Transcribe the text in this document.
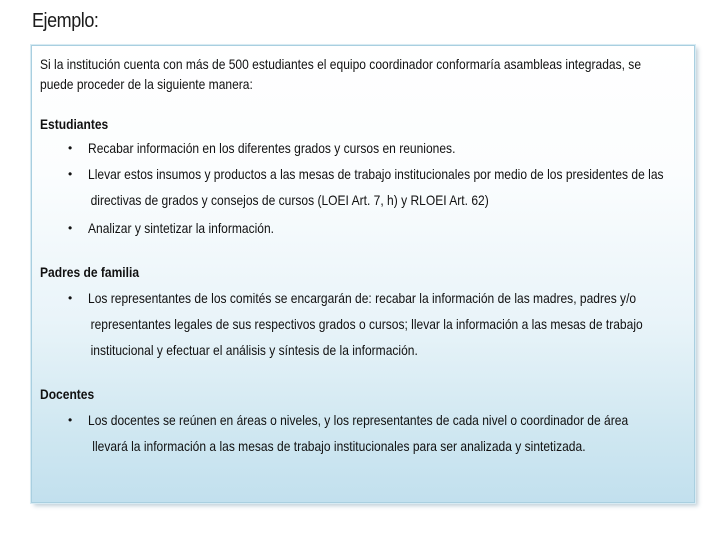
Ejemplo:
Si la institución cuenta con más de 500 estudiantes el equipo coordinador conformaría asambleas integradas, se
puede proceder de la siguiente manera:
Estudiantes
• Recabar información en los diferentes grados y cursos en reuniones.
• Llevar estos insumos y productos a las mesas de trabajo institucionales por medio de los presidentes de las
directivas de grados y consejos de cursos (LOEI Art. 7, h) y RLOEI Art. 62)
• Analizar y sintetizar la información.
Padres de familia
• Los representantes de los comités se encargarán de: recabar la información de las madres, padres y/o
representantes legales de sus respectivos grados o cursos; llevar la información a las mesas de trabajo
institucional y efectuar el análisis y síntesis de la información.
Docentes
• Los docentes se reúnen en áreas o niveles, y los representantes de cada nivel o coordinador de área
llevará la información a las mesas de trabajo institucionales para ser analizada y sintetizada.
